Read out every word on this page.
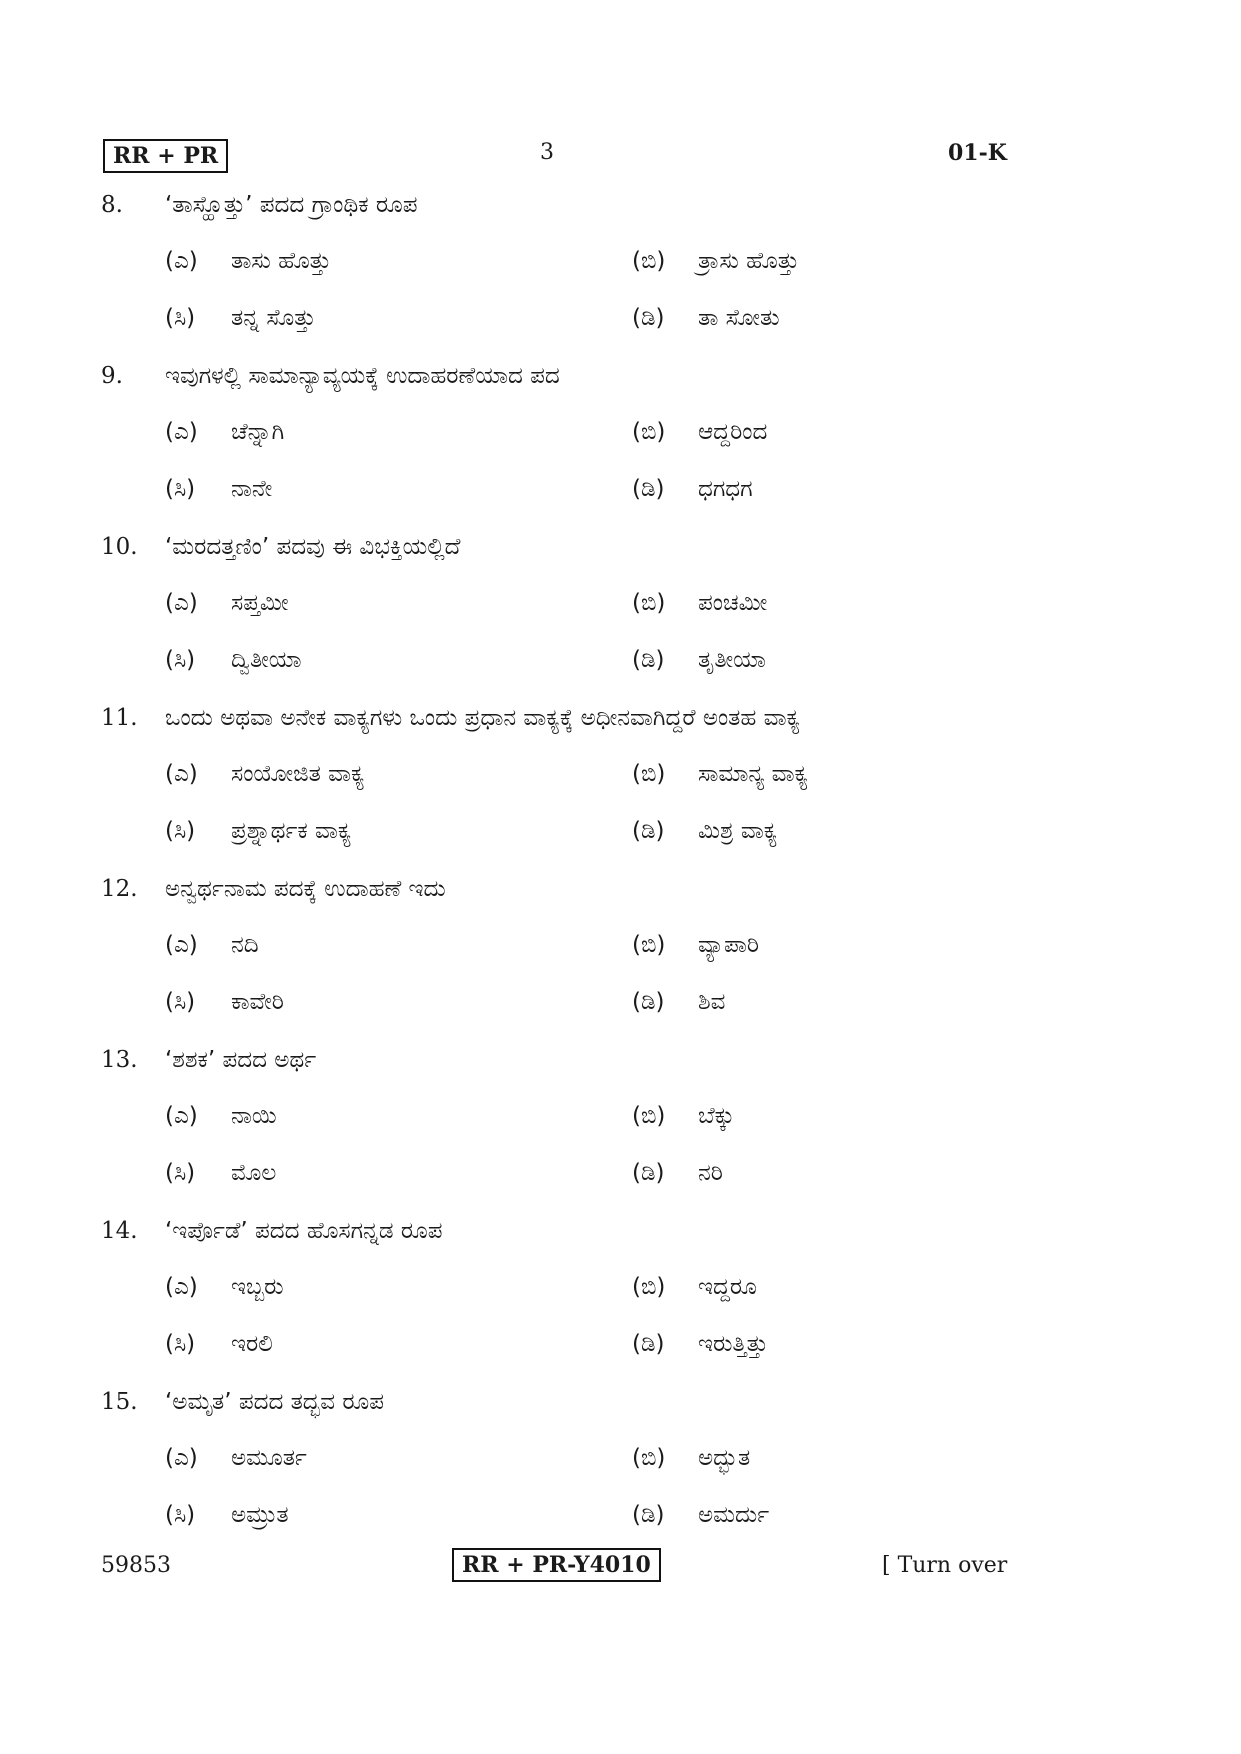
RR + PR	3	01-K
8.	‘ತಾಸ್ಹೊತ್ತು’ ಪದದ ಗ್ರಾಂಥಿಕ ರೂಪ
(ಎ)	ತಾಸು ಹೊತ್ತು	(ಬಿ)	ತ್ರಾಸು ಹೊತ್ತು
(ಸಿ)	ತನ್ನ ಸೊತ್ತು	(ಡಿ)	ತಾ ಸೋತು
9.	ಇವುಗಳಲ್ಲಿ ಸಾಮಾನ್ಯಾವ್ಯಯಕ್ಕೆ ಉದಾಹರಣೆಯಾದ ಪದ
(ಎ)	ಚೆನ್ನಾಗಿ	(ಬಿ)	ಆದ್ದರಿಂದ
(ಸಿ)	ನಾನೇ	(ಡಿ)	ಧಗಧಗ
10.	‘ಮರದತ್ತಣಿಂ’ ಪದವು ಈ ವಿಭಕ್ತಿಯಲ್ಲಿದೆ
(ಎ)	ಸಪ್ತಮೀ	(ಬಿ)	ಪಂಚಮೀ
(ಸಿ)	ದ್ವಿತೀಯಾ	(ಡಿ)	ತೃತೀಯಾ
11.	ಒಂದು ಅಥವಾ ಅನೇಕ ವಾಕ್ಯಗಳು ಒಂದು ಪ್ರಧಾನ ವಾಕ್ಯಕ್ಕೆ ಅಧೀನವಾಗಿದ್ದರೆ ಅಂತಹ ವಾಕ್ಯ
(ಎ)	ಸಂಯೋಜಿತ ವಾಕ್ಯ	(ಬಿ)	ಸಾಮಾನ್ಯ ವಾಕ್ಯ
(ಸಿ)	ಪ್ರಶ್ನಾರ್ಥಕ ವಾಕ್ಯ	(ಡಿ)	ಮಿಶ್ರ ವಾಕ್ಯ
12.	ಅನ್ವರ್ಥನಾಮ ಪದಕ್ಕೆ ಉದಾಹಣೆ ಇದು
(ಎ)	ನದಿ	(ಬಿ)	ವ್ಯಾಪಾರಿ
(ಸಿ)	ಕಾವೇರಿ	(ಡಿ)	ಶಿವ
13.	‘ಶಶಕ’ ಪದದ ಅರ್ಥ
(ಎ)	ನಾಯಿ	(ಬಿ)	ಬೆಕ್ಕು
(ಸಿ)	ಮೊಲ	(ಡಿ)	ನರಿ
14.	‘ಇರ್ಪೊಡೆ’ ಪದದ ಹೊಸಗನ್ನಡ ರೂಪ
(ಎ)	ಇಬ್ಬರು	(ಬಿ)	ಇದ್ದರೂ
(ಸಿ)	ಇರಲಿ	(ಡಿ)	ಇರುತ್ತಿತ್ತು
15.	‘ಅಮೃತ’ ಪದದ ತದ್ಭವ ರೂಪ
(ಎ)	ಅಮೂರ್ತ	(ಬಿ)	ಅದ್ಭುತ
(ಸಿ)	ಅಮ್ರುತ	(ಡಿ)	ಅಮರ್ದು
59853	RR + PR-Y4010	[ Turn over
